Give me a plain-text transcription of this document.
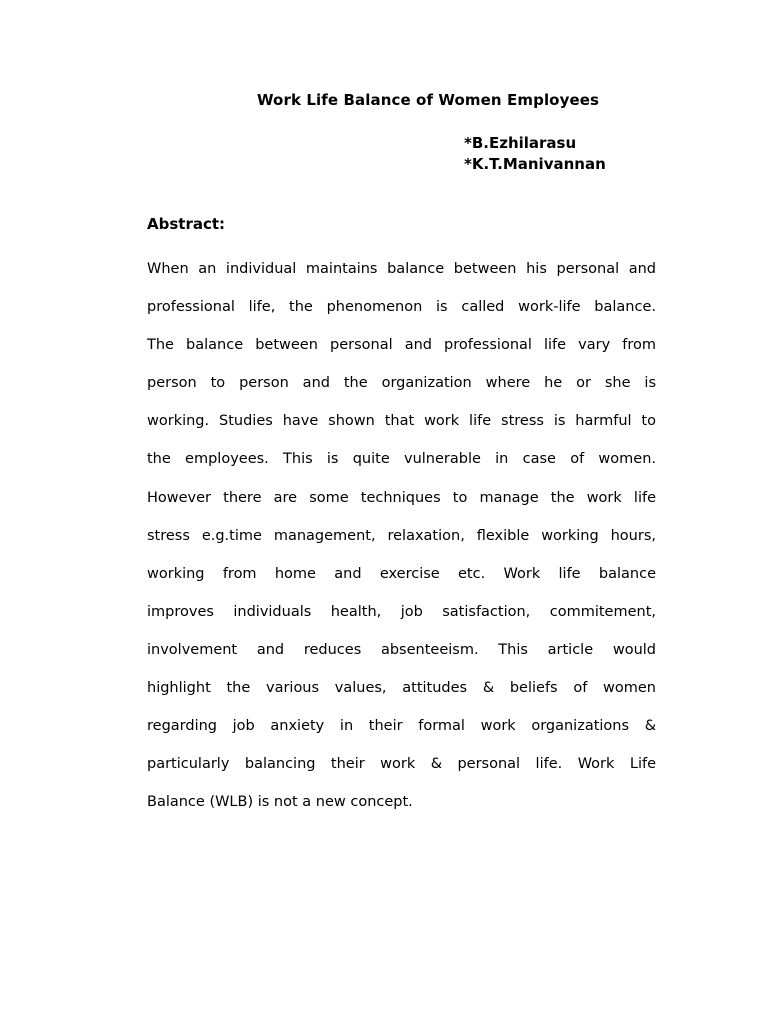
Work Life Balance of Women Employees
*B.Ezhilarasu
*K.T.Manivannan
Abstract:
When an individual maintains balance between his personal and
professional life, the phenomenon is called work-life balance.
The balance between personal and professional life vary from
person to person and the organization where he or she is
working. Studies have shown that work life stress is harmful to
the employees. This is quite vulnerable in case of women.
However there are some techniques to manage the work life
stress e.g.time management, relaxation, flexible working hours,
working from home and exercise etc. Work life balance
improves individuals health, job satisfaction, commitement,
involvement and reduces absenteeism. This article would
highlight the various values, attitudes & beliefs of women
regarding job anxiety in their formal work organizations &
particularly balancing their work & personal life. Work Life
Balance (WLB) is not a new concept.
